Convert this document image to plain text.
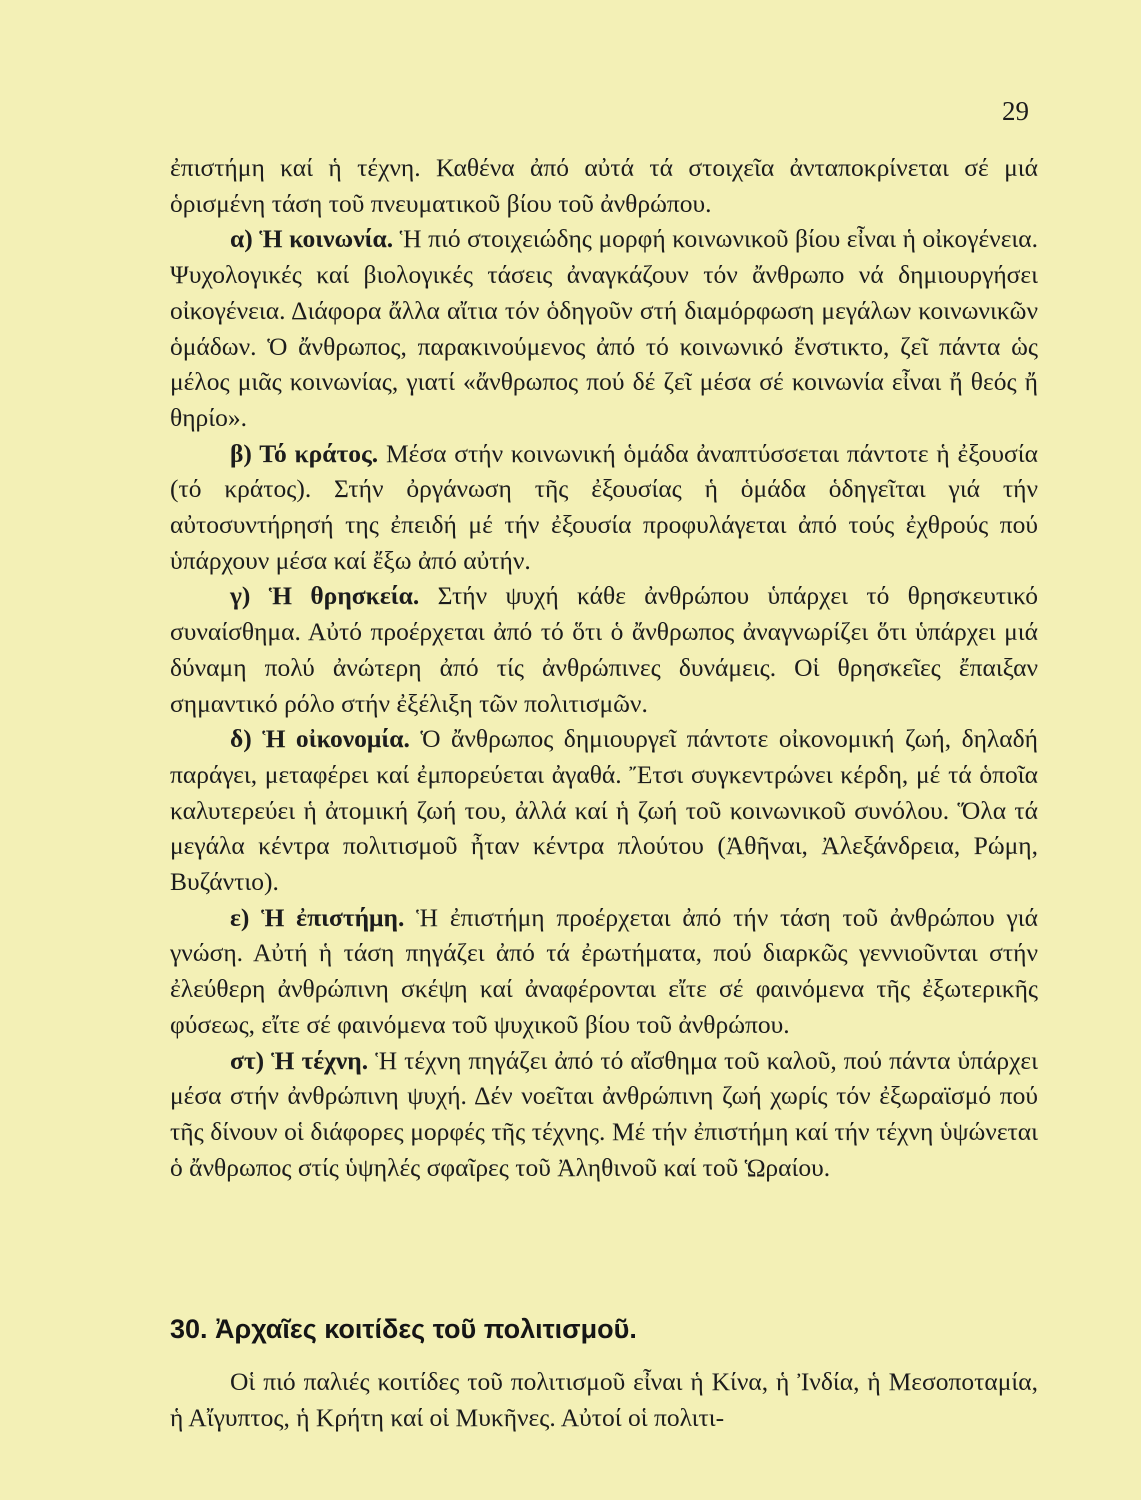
29

ἐπιστήμη καί ἡ τέχνη. Καθένα ἀπό αὐτά τά στοιχεῖα ἀνταποκρίνεται σέ μιά ὁρισμένη τάση τοῦ πνευματικοῦ βίου τοῦ ἀνθρώπου.

α) Ἡ κοινωνία. Ἡ πιό στοιχειώδης μορφή κοινωνικοῦ βίου εἶναι ἡ οἰκογένεια. Ψυχολογικές καί βιολογικές τάσεις ἀναγκάζουν τόν ἄνθρωπο νά δημιουργήσει οἰκογένεια. Διάφορα ἄλλα αἴτια τόν ὁδηγοῦν στή διαμόρφωση μεγάλων κοινωνικῶν ὁμάδων. Ὁ ἄνθρωπος, παρακινούμενος ἀπό τό κοινωνικό ἔνστικτο, ζεῖ πάντα ὡς μέλος μιᾶς κοινωνίας, γιατί «ἄνθρωπος πού δέ ζεῖ μέσα σέ κοινωνία εἶναι ἤ θεός ἤ θηρίο».

β) Τό κράτος. Μέσα στήν κοινωνική ὁμάδα ἀναπτύσσεται πάντοτε ἡ ἐξουσία (τό κράτος). Στήν ὀργάνωση τῆς ἐξουσίας ἡ ὁμάδα ὁδηγεῖται γιά τήν αὐτοσυντήρησή της ἐπειδή μέ τήν ἐξουσία προφυλάγεται ἀπό τούς ἐχθρούς πού ὑπάρχουν μέσα καί ἔξω ἀπό αὐτήν.

γ) Ἡ θρησκεία. Στήν ψυχή κάθε ἀνθρώπου ὑπάρχει τό θρησκευτικό συναίσθημα. Αὐτό προέρχεται ἀπό τό ὅτι ὁ ἄνθρωπος ἀναγνωρίζει ὅτι ὑπάρχει μιά δύναμη πολύ ἀνώτερη ἀπό τίς ἀνθρώπινες δυνάμεις. Οἱ θρησκεῖες ἔπαιξαν σημαντικό ρόλο στήν ἐξέλιξη τῶν πολιτισμῶν.

δ) Ἡ οἰκονομία. Ὁ ἄνθρωπος δημιουργεῖ πάντοτε οἰκονομική ζωή, δηλαδή παράγει, μεταφέρει καί ἐμπορεύεται ἀγαθά. Ἔτσι συγκεντρώνει κέρδη, μέ τά ὁποῖα καλυτερεύει ἡ ἀτομική ζωή του, ἀλλά καί ἡ ζωή τοῦ κοινωνικοῦ συνόλου. Ὅλα τά μεγάλα κέντρα πολιτισμοῦ ἦταν κέντρα πλούτου (Ἀθῆναι, Ἀλεξάνδρεια, Ρώμη, Βυζάντιο).

ε) Ἡ ἐπιστήμη. Ἡ ἐπιστήμη προέρχεται ἀπό τήν τάση τοῦ ἀνθρώπου γιά γνώση. Αὐτή ἡ τάση πηγάζει ἀπό τά ἐρωτήματα, πού διαρκῶς γεννιοῦνται στήν ἐλεύθερη ἀνθρώπινη σκέψη καί ἀναφέρονται εἴτε σέ φαινόμενα τῆς ἐξωτερικῆς φύσεως, εἴτε σέ φαινόμενα τοῦ ψυχικοῦ βίου τοῦ ἀνθρώπου.

στ) Ἡ τέχνη. Ἡ τέχνη πηγάζει ἀπό τό αἴσθημα τοῦ καλοῦ, πού πάντα ὑπάρχει μέσα στήν ἀνθρώπινη ψυχή. Δέν νοεῖται ἀνθρώπινη ζωή χωρίς τόν ἐξωραϊσμό πού τῆς δίνουν οἱ διάφορες μορφές τῆς τέχνης. Μέ τήν ἐπιστήμη καί τήν τέχνη ὑψώνεται ὁ ἄνθρωπος στίς ὑψηλές σφαῖρες τοῦ Ἀληθινοῦ καί τοῦ Ὡραίου.

30. Ἀρχαῖες κοιτίδες τοῦ πολιτισμοῦ.

Οἱ πιό παλιές κοιτίδες τοῦ πολιτισμοῦ εἶναι ἡ Κίνα, ἡ Ἰνδία, ἡ Μεσοποταμία, ἡ Αἴγυπτος, ἡ Κρήτη καί οἱ Μυκῆνες. Αὐτοί οἱ πολιτι-
